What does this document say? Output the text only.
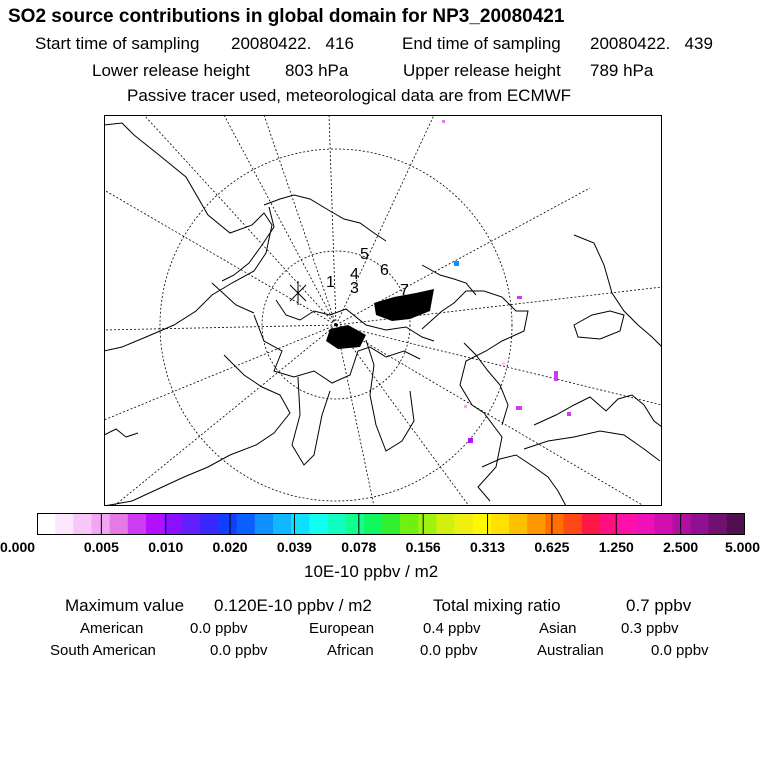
SO2 source contributions in global domain for NP3_20080421
Start time of sampling 20080422.   416	End time of sampling 20080422.   439
Lower release height 803 hPa	Upper release height 789 hPa
Passive tracer used, meteorological data are from ECMWF
1
2
3
4
5
6
7
8
0.000	0.005 0.010 0.020 0.039 0.078 0.156 0.313 0.625 1.250 2.500 5.000
10E-10 ppbv / m2
Maximum value 0.120E-10 ppbv / m2	Total mixing ratio	0.7 ppbv
American	0.0 ppbv	European	0.4 ppbv	Asian	0.3 ppbv
South American	0.0 ppbv	African	0.0 ppbv	Australian	0.0 ppbv
